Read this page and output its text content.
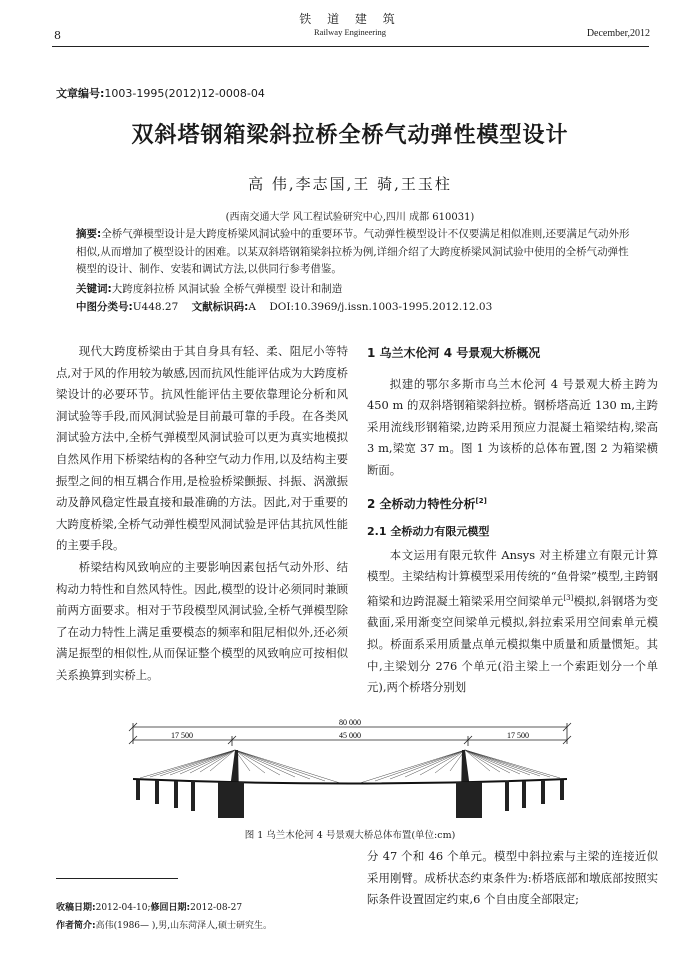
铁 道 建 筑
Railway Engineering
8	December,2012
文章编号:1003-1995(2012)12-0008-04
双斜塔钢箱梁斜拉桥全桥气动弹性模型设计
高 伟,李志国,王 骑,王玉柱
(西南交通大学 风工程试验研究中心,四川 成都 610031)
摘要:全桥气弹模型设计是大跨度桥梁风洞试验中的重要环节。气动弹性模型设计不仅要满足相似准则,还要满足气动外形相似,从而增加了模型设计的困难。以某双斜塔钢箱梁斜拉桥为例,详细介绍了大跨度桥梁风洞试验中使用的全桥气动弹性模型的设计、制作、安装和调试方法,以供同行参考借鉴。
关键词:大跨度斜拉桥 风洞试验 全桥气弹模型 设计和制造
中图分类号:U448.27 文献标识码:A DOI:10.3969/j.issn.1003-1995.2012.12.03

现代大跨度桥梁由于其自身具有轻、柔、阻尼小等特点,对于风的作用较为敏感,因而抗风性能评估成为大跨度桥梁设计的必要环节。抗风性能评估主要依靠理论分析和风洞试验等手段,而风洞试验是目前最可靠的手段。在各类风洞试验方法中,全桥气弹模型风洞试验可以更为真实地模拟自然风作用下桥梁结构的各种空气动力作用,以及结构主要振型之间的相互耦合作用,是检验桥梁颤振、抖振、涡激振动及静风稳定性最直接和最准确的方法。因此,对于重要的大跨度桥梁,全桥气动弹性模型风洞试验是评估其抗风性能的主要手段。

桥梁结构风致响应的主要影响因素包括气动外形、结构动力特性和自然风特性。因此,模型的设计必须同时兼顾前两方面要求。相对于节段模型风洞试验,全桥气弹模型除了在动力特性上满足重要模态的频率和阻尼相似外,还必须满足振型的相似性,从而保证整个模型的风致响应可按相似关系换算到实桥上。

1 乌兰木伦河 4 号景观大桥概况

拟建的鄂尔多斯市乌兰木伦河 4 号景观大桥主跨为 450 m 的双斜塔钢箱梁斜拉桥。钢桥塔高近 130 m,主跨采用流线形钢箱梁,边跨采用预应力混凝土箱梁结构,梁高 3 m,梁宽 37 m。图 1 为该桥的总体布置,图 2 为箱梁横断面。

2 全桥动力特性分析[2]
2.1 全桥动力有限元模型

本文运用有限元软件 Ansys 对主桥建立有限元计算模型。主梁结构计算模型采用传统的“鱼骨梁”模型,主跨钢箱梁和边跨混凝土箱梁采用空间梁单元[3]模拟,斜钢塔为变截面,采用渐变空间梁单元模拟,斜拉索采用空间索单元模拟。桥面系采用质量点单元模拟集中质量和质量惯矩。其中,主梁划分 276 个单元(沿主梁上一个索距划分一个单元),两个桥塔分别划

80 000
17 500	45 000	17 500
图 1 乌兰木伦河 4 号景观大桥总体布置(单位:cm)

分 47 个和 46 个单元。模型中斜拉索与主梁的连接近似采用刚臂。成桥状态约束条件为:桥塔底部和墩底部按照实际条件设置固定约束,6 个自由度全部限定;

收稿日期:2012-04-10;修回日期:2012-08-27
作者简介:高伟(1986— ),男,山东菏泽人,硕士研究生。
